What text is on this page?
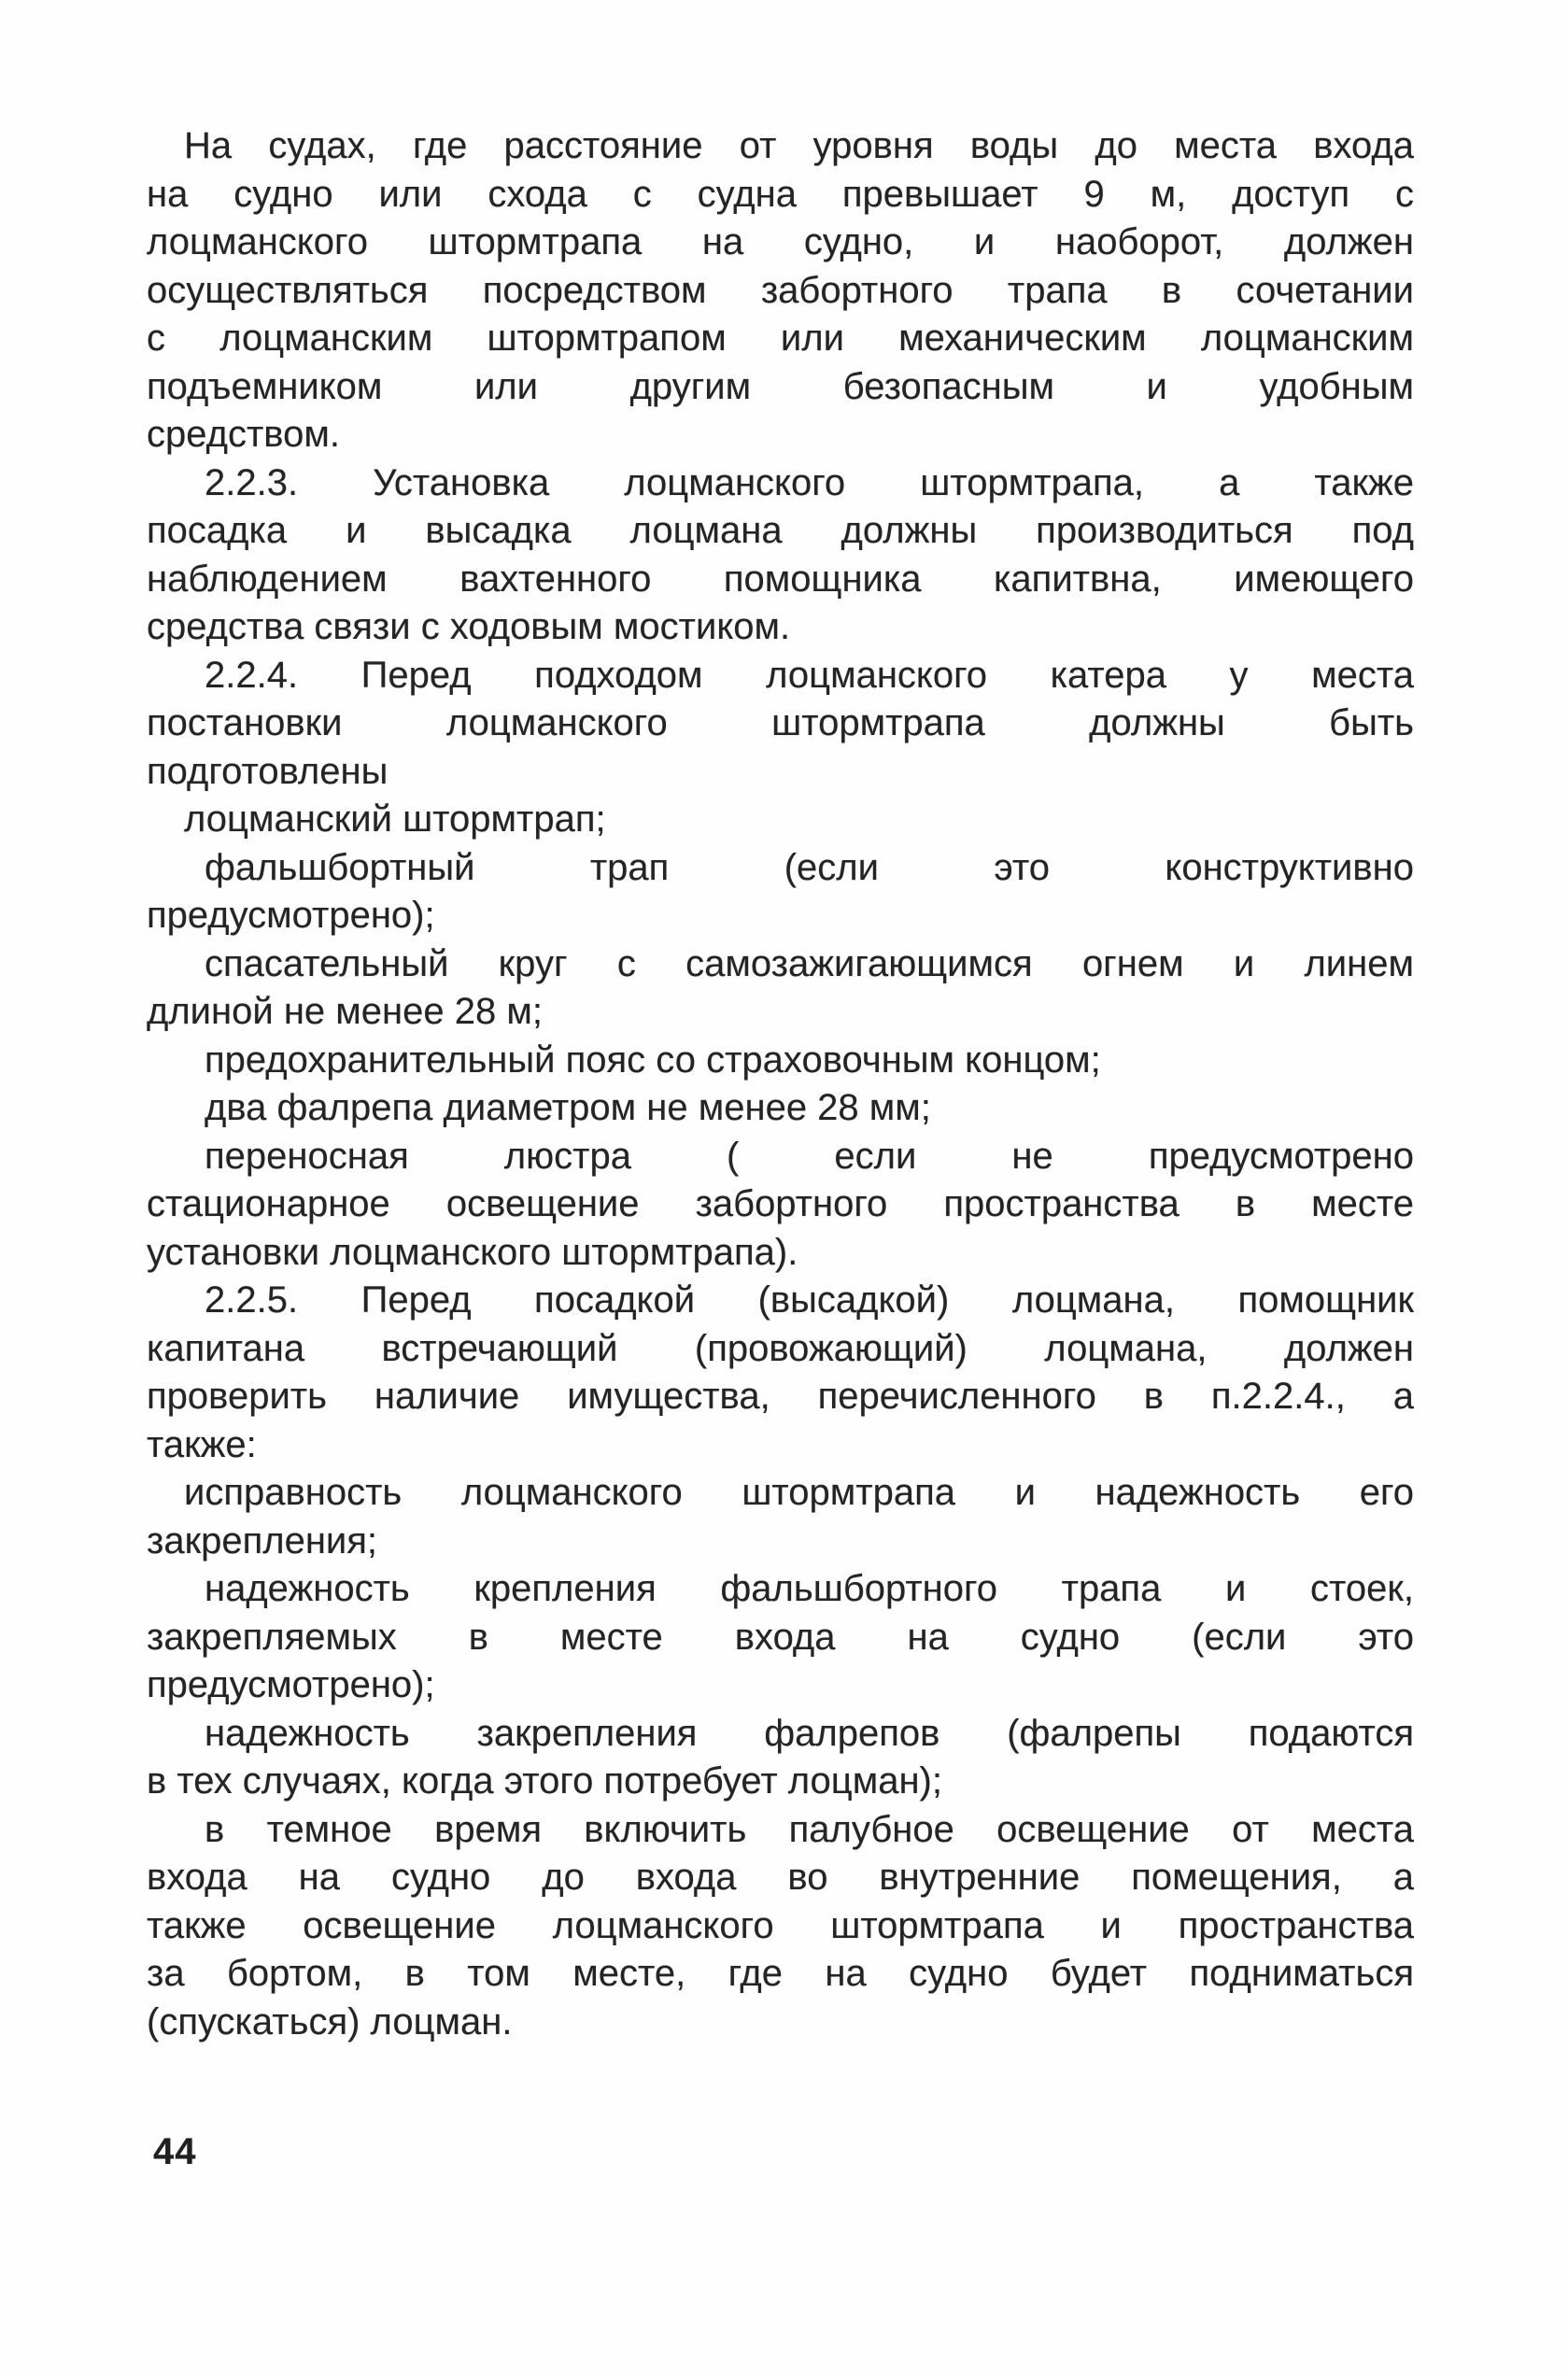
На судах, где расстояние от уровня воды до места входа
на судно или схода с судна превышает 9 м, доступ с
лоцманского штормтрапа на судно, и наоборот, должен
осуществляться посредством забортного трапа в сочетании
с лоцманским штормтрапом или механическим лоцманским
подъемником или другим безопасным и удобным
средством.
2.2.3. Установка лоцманского штормтрапа, а также
посадка и высадка лоцмана должны производиться под
наблюдением вахтенного помощника капитвна, имеющего
средства связи с ходовым мостиком.
2.2.4. Перед подходом лоцманского катера у места
постановки лоцманского штормтрапа должны быть
подготовлены
лоцманский штормтрап;
фальшбортный трап (если это конструктивно
предусмотрено);
спасательный круг с самозажигающимся огнем и линем
длиной не менее 28 м;
предохранительный пояс со страховочным концом;
два фалрепа диаметром не менее 28 мм;
переносная люстра ( если не предусмотрено
стационарное освещение забортного пространства в месте
установки лоцманского штормтрапа).
2.2.5. Перед посадкой (высадкой) лоцмана, помощник
капитана встречающий (провожающий) лоцмана, должен
проверить наличие имущества, перечисленного в п.2.2.4., а
также:
исправность лоцманского штормтрапа и надежность его
закрепления;
надежность крепления фальшбортного трапа и стоек,
закрепляемых в месте входа на судно (если это
предусмотрено);
надежность закрепления фалрепов (фалрепы подаются
в тех случаях, когда этого потребует лоцман);
в темное время включить палубное освещение от места
входа на судно до входа во внутренние помещения, а
также освещение лоцманского штормтрапа и пространства
за бортом, в том месте, где на судно будет подниматься
(спускаться) лоцман.
44
